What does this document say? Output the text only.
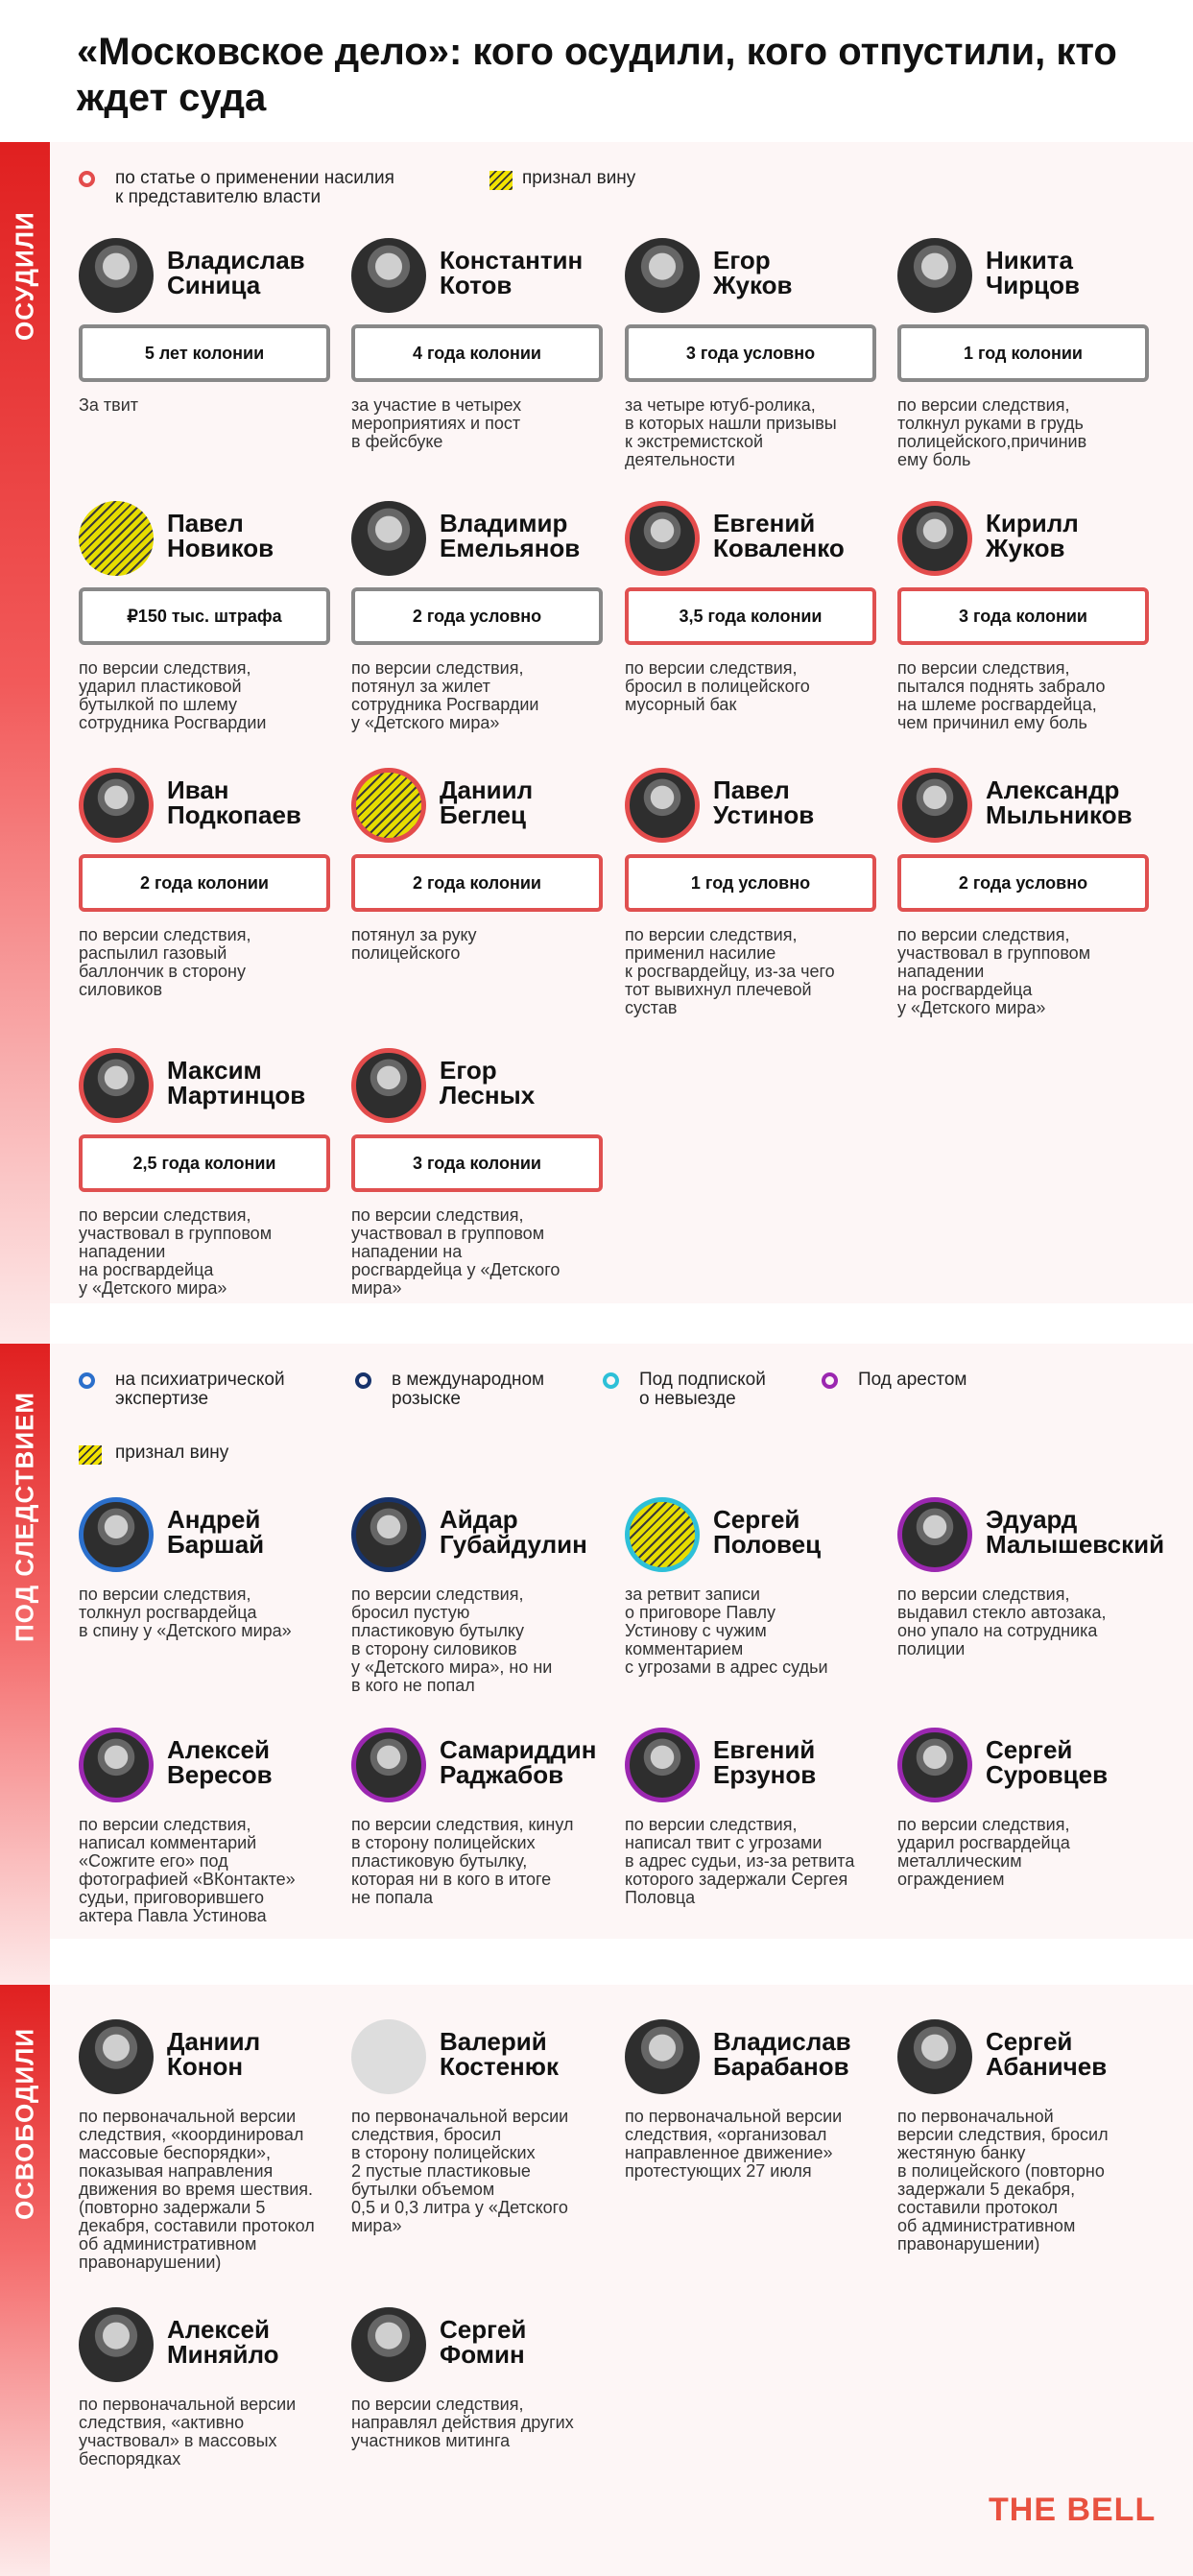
«Московское дело»: кого осудили, кого отпустили, кто ждет суда
ОСУДИЛИ
ПОД СЛЕДСТВИЕМ
ОСВОБОДИЛИ
по статье о применении насилия
к представителю власти
признал вину
на психиатрической
экспертизе
в международном
розыске
Под подпиской
о невыезде
Под арестом
признал вину
Владислав
Синица
5 лет колонии
За твит
Константин
Котов
4 года колонии
за участие в четырех
мероприятиях и пост
в фейсбуке
Егор
Жуков
3 года условно
за четыре ютуб-ролика,
в которых нашли призывы
к экстремистской
деятельности
Никита
Чирцов
1 год колонии
по версии следствия,
толкнул руками в грудь
полицейского,причинив
ему боль
Павел
Новиков
₽150 тыс. штрафа
по версии следствия,
ударил пластиковой
бутылкой по шлему
сотрудника Росгвардии
Владимир
Емельянов
2 года условно
по версии следствия,
потянул за жилет
сотрудника Росгвардии
у «Детского мира»
Евгений
Коваленко
3,5 года колонии
по версии следствия,
бросил в полицейского
мусорный бак
Кирилл
Жуков
3 года колонии
по версии следствия,
пытался поднять забрало
на шлеме росгвардейца,
чем причинил ему боль
Иван
Подкопаев
2 года колонии
по версии следствия,
распылил газовый
баллончик в сторону
силовиков
Даниил
Беглец
2 года колонии
потянул за руку
полицейского
Павел
Устинов
1 год условно
по версии следствия,
применил насилие
к росгвардейцу, из-за чего
тот вывихнул плечевой
сустав
Александр
Мыльников
2 года условно
по версии следствия,
участвовал в групповом
нападении
на росгвардейца
у «Детского мира»
Максим
Мартинцов
2,5 года колонии
по версии следствия,
участвовал в групповом
нападении
на росгвардейца
у «Детского мира»
Егор
Лесных
3 года колонии
по версии следствия,
участвовал в групповом
нападении на
росгвардейца у «Детского
мира»
Андрей
Баршай
по версии следствия,
толкнул росгвардейца
в спину у «Детского мира»
Айдар
Губайдулин
по версии следствия,
бросил пустую
пластиковую бутылку
в сторону силовиков
у «Детского мира», но ни
в кого не попал
Сергей
Половец
за ретвит записи
о приговоре Павлу
Устинову с чужим
комментарием
с угрозами в адрес судьи
Эдуард
Малышевский
по версии следствия,
выдавил стекло автозака,
оно упало на сотрудника
полиции
Алексей
Вересов
по версии следствия,
написал комментарий
«Сожгите его» под
фотографией «ВКонтакте»
судьи, приговорившего
актера Павла Устинова
Самариддин
Раджабов
по версии следствия, кинул
в сторону полицейских
пластиковую бутылку,
которая ни в кого в итоге
не попала
Евгений
Ерзунов
по версии следствия,
написал твит с угрозами
в адрес судьи, из-за ретвита
которого задержали Сергея
Половца
Сергей
Суровцев
по версии следствия,
ударил росгвардейца
металлическим
ограждением
Даниил
Конон
по первоначальной версии
следствия, «координировал
массовые беспорядки»,
показывая направления
движения во время шествия.
(повторно задержали 5
декабря, составили протокол
об административном
правонарушении)
Валерий
Костенюк
по первоначальной версии
следствия, бросил
в сторону полицейских
2 пустые пластиковые
бутылки объемом
0,5 и 0,3 литра у «Детского
мира»
Владислав
Барабанов
по первоначальной версии
следствия, «организовал
направленное движение»
протестующих 27 июля
Сергей
Абаничев
по первоначальной
версии следствия, бросил
жестяную банку
в полицейского (повторно
задержали 5 декабря,
составили протокол
об административном
правонарушении)
Алексей
Миняйло
по первоначальной версии
следствия, «активно
участвовал» в массовых
беспорядках
Сергей
Фомин
по версии следствия,
направлял действия других
участников митинга
THE BELL
